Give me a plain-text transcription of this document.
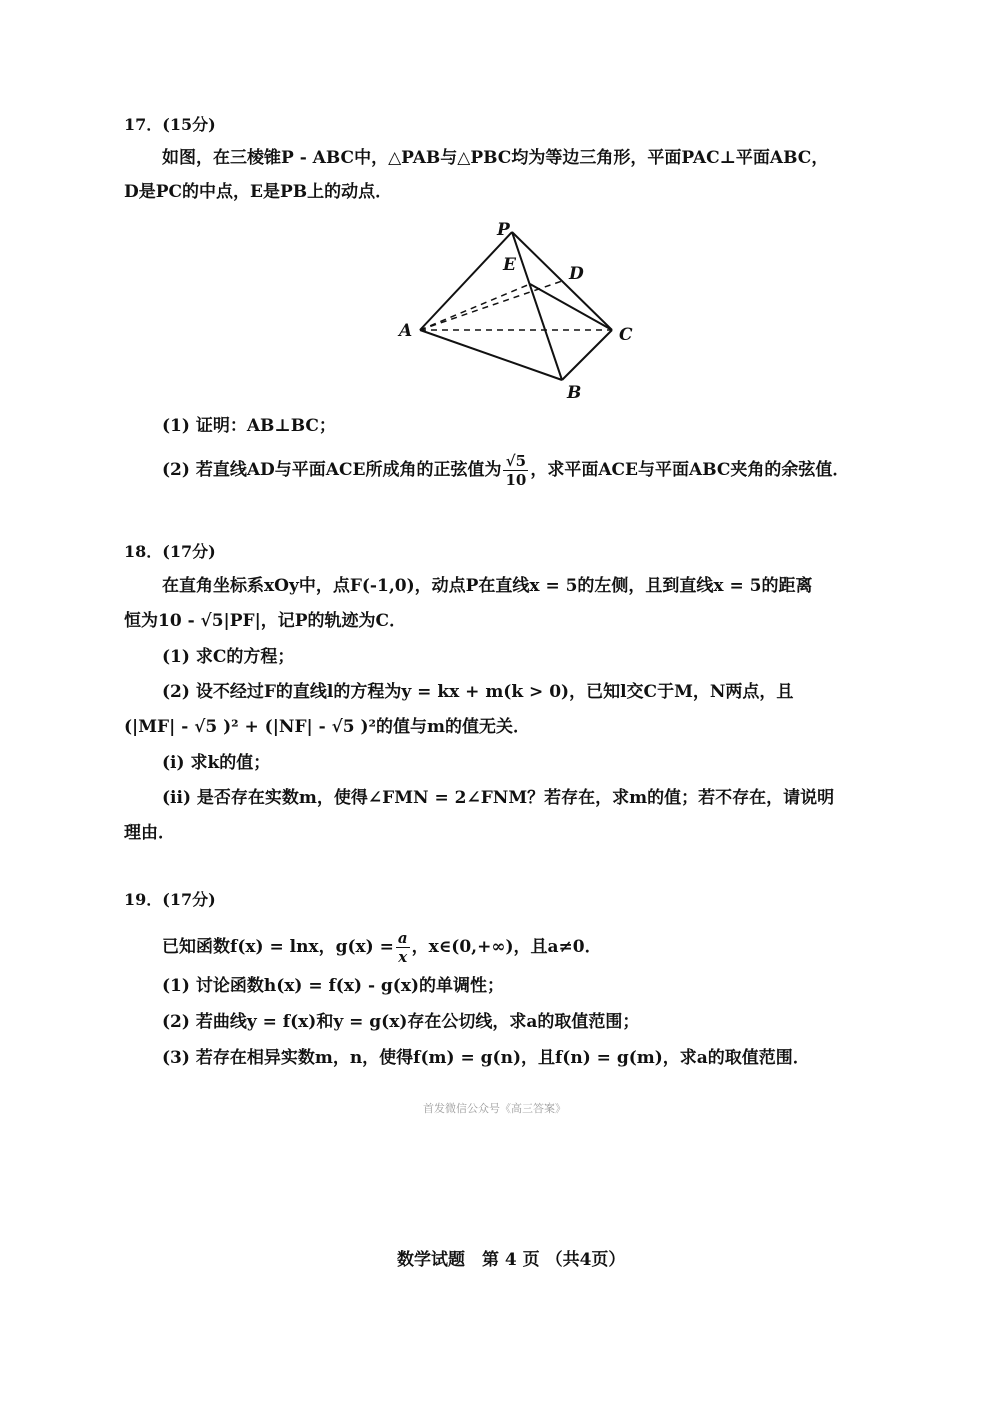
17．(15分)
如图，在三棱锥P - ABC中，△PAB与△PBC均为等边三角形，平面PAC⊥平面ABC，
D是PC的中点，E是PB上的动点．
P
E	D
A	C
B
(1) 证明：AB⊥BC；
(2) 若直线AD与平面ACE所成角的正弦值为 $\frac{√5}{10}$ ，求平面ACE与平面ABC夹角的余弦值．
18．(17分)
在直角坐标系xOy中，点F(-1,0)，动点P在直线x = 5的左侧，且到直线x = 5的距离
恒为10 - √5|PF|，记P的轨迹为C．
(1) 求C的方程；
(2) 设不经过F的直线l的方程为y = kx + m(k > 0)，已知l交C于M，N两点，且
(|MF| - √5 )² + (|NF| - √5 )²的值与m的值无关．
(i) 求k的值；
(ii) 是否存在实数m，使得∠FMN = 2∠FNM？若存在，求m的值；若不存在，请说明
理由．
19．(17分)
已知函数f(x) = lnx，$g(x) = \frac{a}{x}$ ，x∈(0,+∞)，且a≠0．
(1) 讨论函数h(x) = f(x) - g(x)的单调性；
(2) 若曲线y = f(x)和y = g(x)存在公切线，求a的取值范围；
(3) 若存在相异实数m，n，使得f(m) = g(n)，且f(n) = g(m)，求a的取值范围．
首发微信公众号《高三答案》
数学试题　第 4 页 （共4页）
